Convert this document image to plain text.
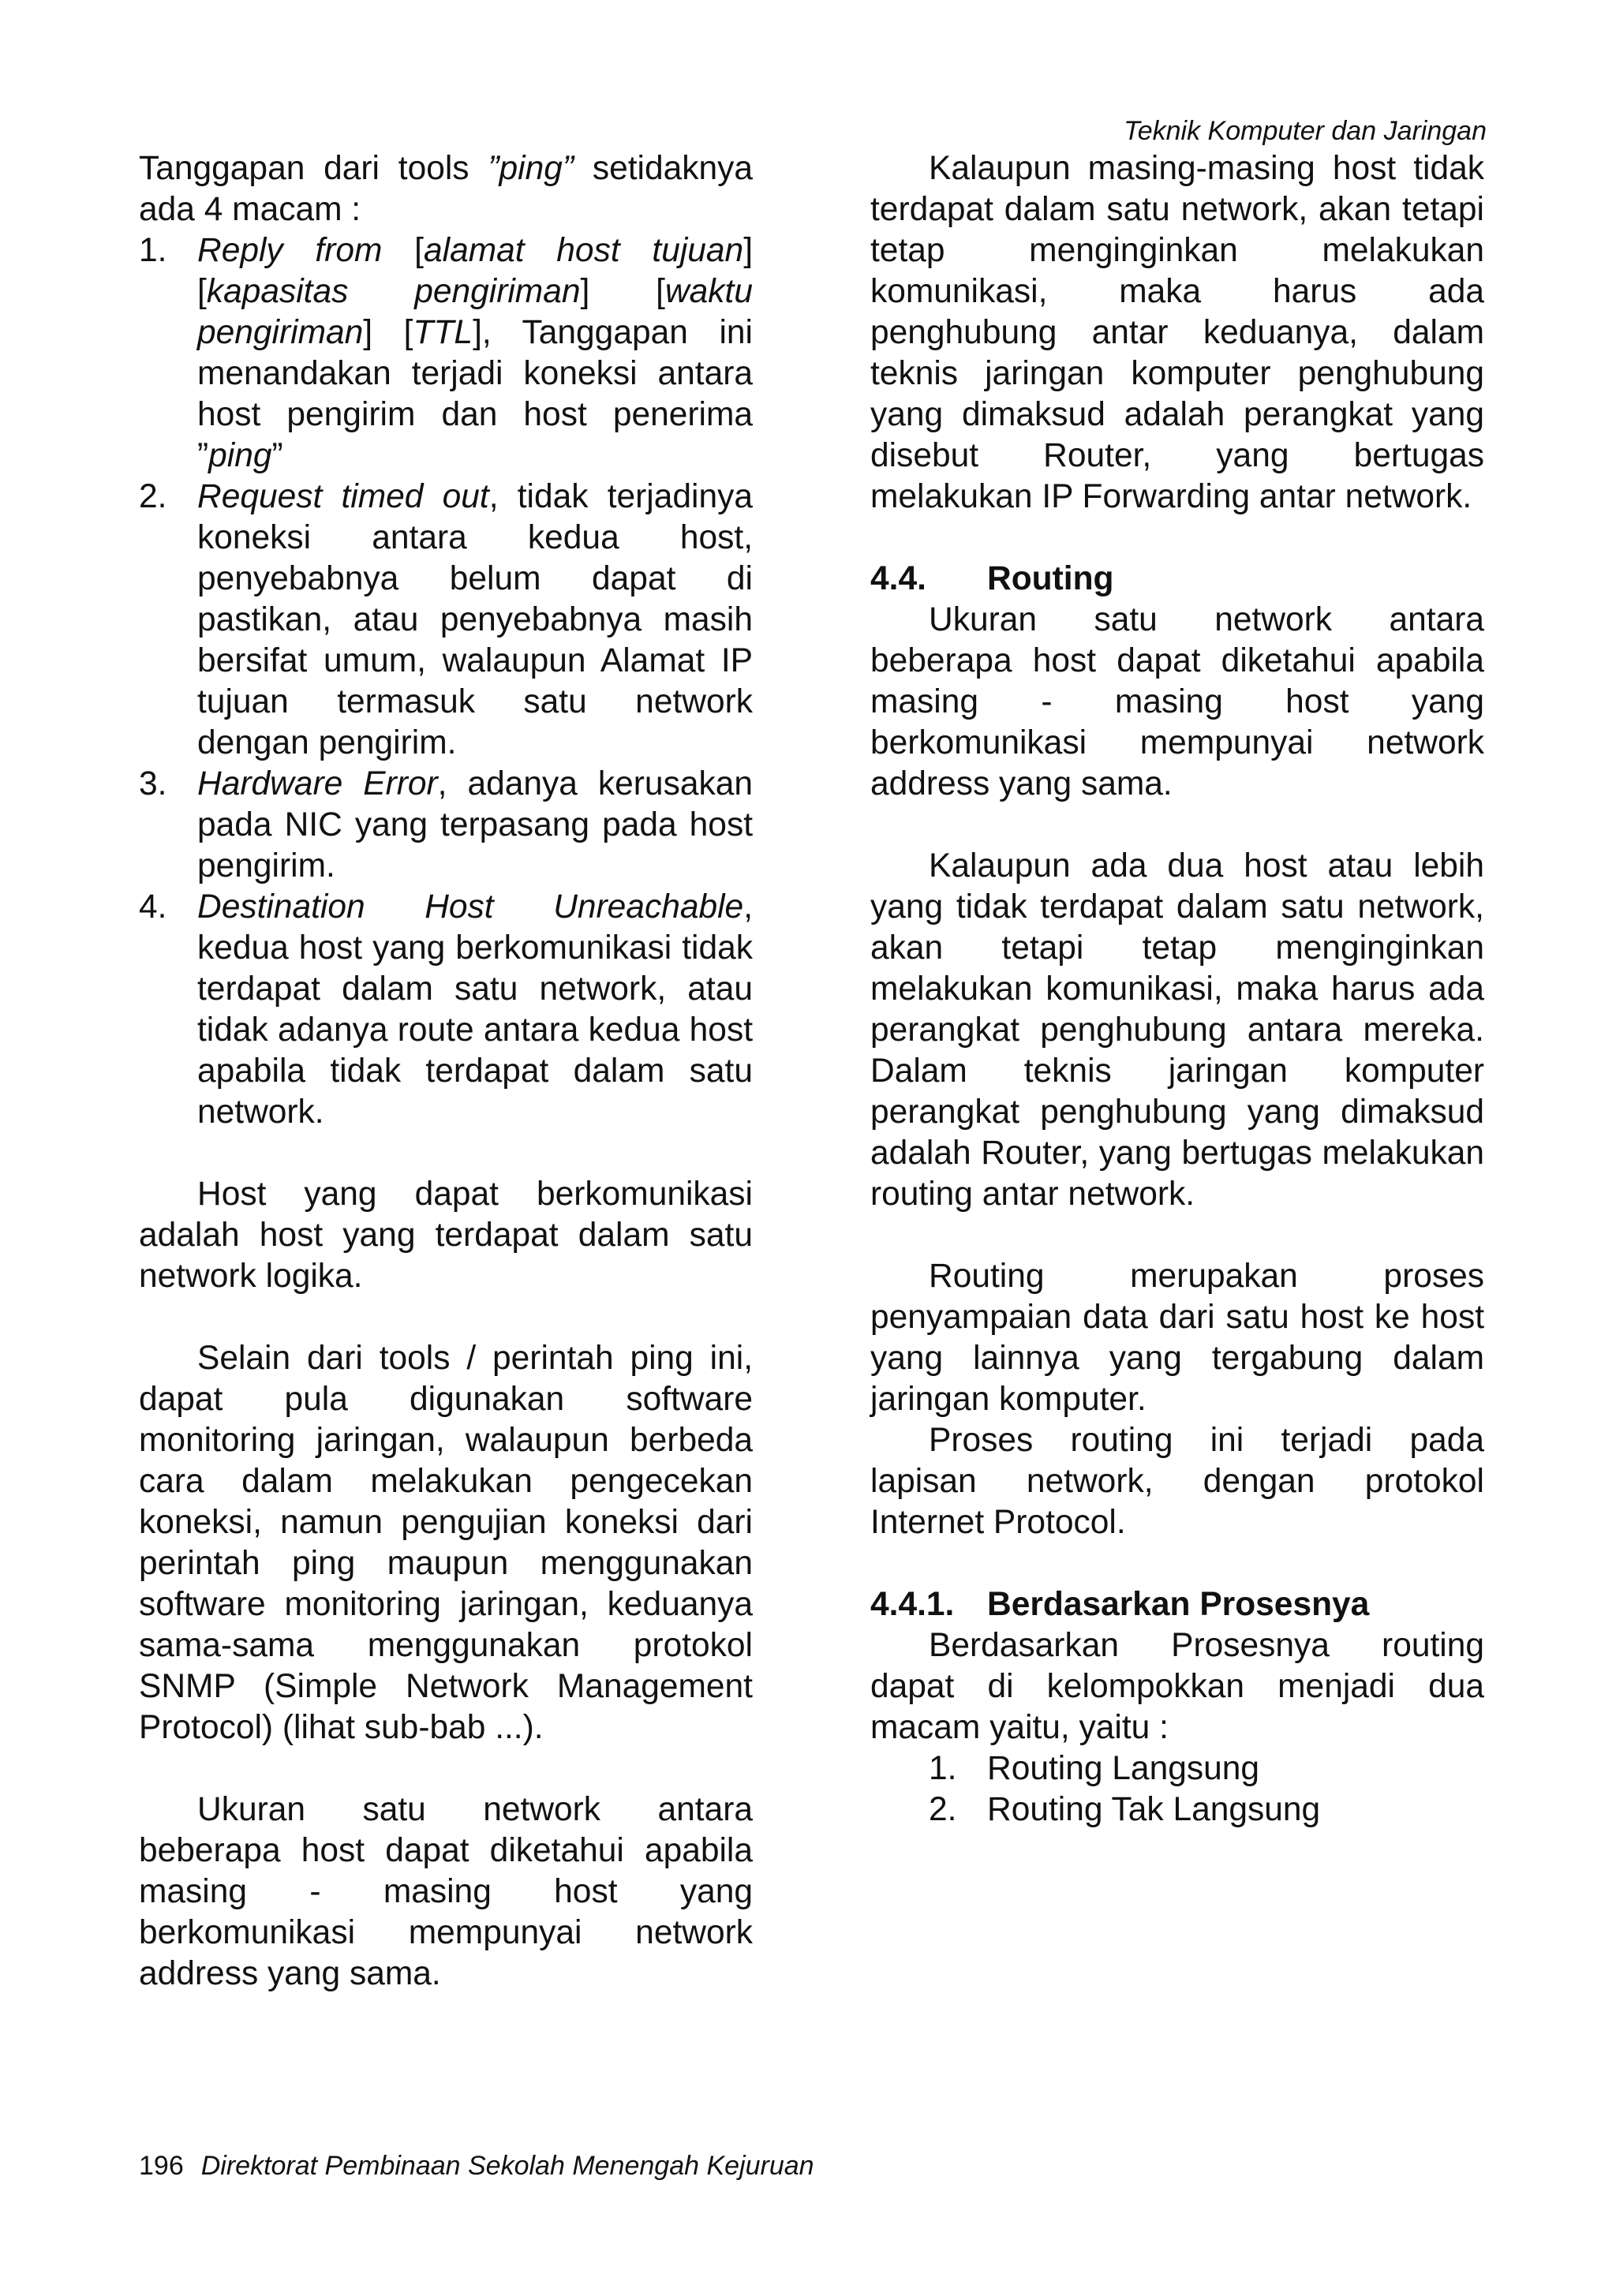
Teknik Komputer dan Jaringan

Tanggapan dari tools ”ping” setidaknya ada 4 macam :

1. Reply from [alamat host tujuan] [kapasitas pengiriman] [waktu pengiriman] [TTL], Tanggapan ini menandakan terjadi koneksi antara host pengirim dan host penerima ”ping”
2. Request timed out, tidak terjadinya koneksi antara kedua host, penyebabnya belum dapat di pastikan, atau penyebabnya masih bersifat umum, walaupun Alamat IP tujuan termasuk satu network dengan pengirim.
3. Hardware Error, adanya kerusakan pada NIC yang terpasang pada host pengirim.
4. Destination Host Unreachable, kedua host yang berkomunikasi tidak terdapat dalam satu network, atau tidak adanya route antara kedua host apabila tidak terdapat dalam satu network.

Host yang dapat berkomunikasi adalah host yang terdapat dalam satu network logika.

Selain dari tools / perintah ping ini, dapat pula digunakan software monitoring jaringan, walaupun berbeda cara dalam melakukan pengecekan koneksi, namun pengujian koneksi dari perintah ping maupun menggunakan software monitoring jaringan, keduanya sama-sama menggunakan protokol SNMP (Simple Network Management Protocol) (lihat sub-bab ...).

Ukuran satu network antara beberapa host dapat diketahui apabila masing - masing host yang berkomunikasi mempunyai network address yang sama.

Kalaupun masing-masing host tidak terdapat dalam satu network, akan tetapi tetap menginginkan melakukan komunikasi, maka harus ada penghubung antar keduanya, dalam teknis jaringan komputer penghubung yang dimaksud adalah perangkat yang disebut Router, yang bertugas melakukan IP Forwarding antar network.

4.4. Routing

Ukuran satu network antara beberapa host dapat diketahui apabila masing - masing host yang berkomunikasi mempunyai network address yang sama.

Kalaupun ada dua host atau lebih yang tidak terdapat dalam satu network, akan tetapi tetap menginginkan melakukan komunikasi, maka harus ada perangkat penghubung antara mereka. Dalam teknis jaringan komputer perangkat penghubung yang dimaksud adalah Router, yang bertugas melakukan routing antar network.

Routing merupakan proses penyampaian data dari satu host ke host yang lainnya yang tergabung dalam jaringan komputer.

Proses routing ini terjadi pada lapisan network, dengan protokol Internet Protocol.

4.4.1. Berdasarkan Prosesnya

Berdasarkan Prosesnya routing dapat di kelompokkan menjadi dua macam yaitu, yaitu :

1. Routing Langsung
2. Routing Tak Langsung
196 Direktorat Pembinaan Sekolah Menengah Kejuruan
